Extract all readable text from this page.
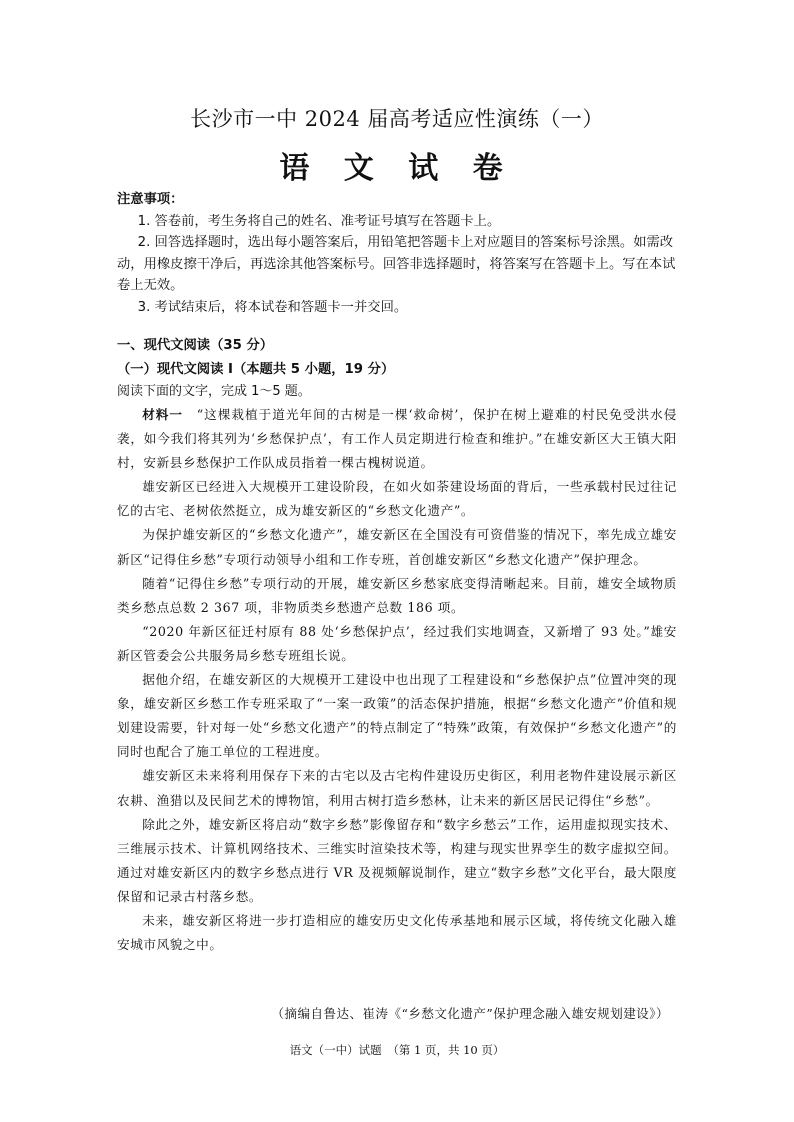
长沙市一中 2024 届高考适应性演练（一）
语 文 试 卷
注意事项：

1. 答卷前，考生务将自己的姓名、准考证号填写在答题卡上。

2. 回答选择题时，选出每小题答案后，用铅笔把答题卡上对应题目的答案标号涂黑。如需改动，用橡皮擦干净后，再选涂其他答案标号。回答非选择题时，将答案写在答题卡上。写在本试卷上无效。

3. 考试结束后，将本试卷和答题卡一并交回。

一、现代文阅读（35 分）
（一）现代文阅读 I（本题共 5 小题，19 分）
阅读下面的文字，完成 1～5 题。

材料一　 “这棵栽植于道光年间的古树是一棵‘救命树’，保护在树上避难的村民免受洪水侵袭，如今我们将其列为‘乡愁保护点’，有工作人员定期进行检查和维护。”在雄安新区大王镇大阳村，安新县乡愁保护工作队成员指着一棵古槐树说道。

雄安新区已经进入大规模开工建设阶段，在如火如荼建设场面的背后，一些承载村民过往记忆的古宅、老树依然挺立，成为雄安新区的“乡愁文化遗产”。

为保护雄安新区的“乡愁文化遗产”，雄安新区在全国没有可资借鉴的情况下，率先成立雄安新区“记得住乡愁”专项行动领导小组和工作专班，首创雄安新区“乡愁文化遗产”保护理念。

随着“记得住乡愁”专项行动的开展，雄安新区乡愁家底变得清晰起来。目前，雄安全域物质类乡愁点总数 2 367 项，非物质类乡愁遗产总数 186 项。

“2020 年新区征迁村原有 88 处‘乡愁保护点’，经过我们实地调查，又新增了 93 处。”雄安新区管委会公共服务局乡愁专班组长说。

据他介绍，在雄安新区的大规模开工建设中也出现了工程建设和“乡愁保护点”位置冲突的现象，雄安新区乡愁工作专班采取了“一案一政策”的活态保护措施，根据“乡愁文化遗产”价值和规划建设需要，针对每一处“乡愁文化遗产”的特点制定了“特殊”政策，有效保护“乡愁文化遗产”的同时也配合了施工单位的工程进度。

雄安新区未来将利用保存下来的古宅以及古宅构件建设历史街区，利用老物件建设展示新区农耕、渔猎以及民间艺术的博物馆，利用古树打造乡愁林，让未来的新区居民记得住“乡愁”。

除此之外，雄安新区将启动“数字乡愁”影像留存和“数字乡愁云”工作，运用虚拟现实技术、三维展示技术、计算机网络技术、三维实时渲染技术等，构建与现实世界孪生的数字虚拟空间。通过对雄安新区内的数字乡愁点进行 VR 及视频解说制作，建立“数字乡愁”文化平台，最大限度保留和记录古村落乡愁。

未来，雄安新区将进一步打造相应的雄安历史文化传承基地和展示区域，将传统文化融入雄安城市风貌之中。

（摘编自鲁达、崔涛《“乡愁文化遗产”保护理念融入雄安规划建设》）
语文（一中）试题　（第 1 页，共 10 页）
